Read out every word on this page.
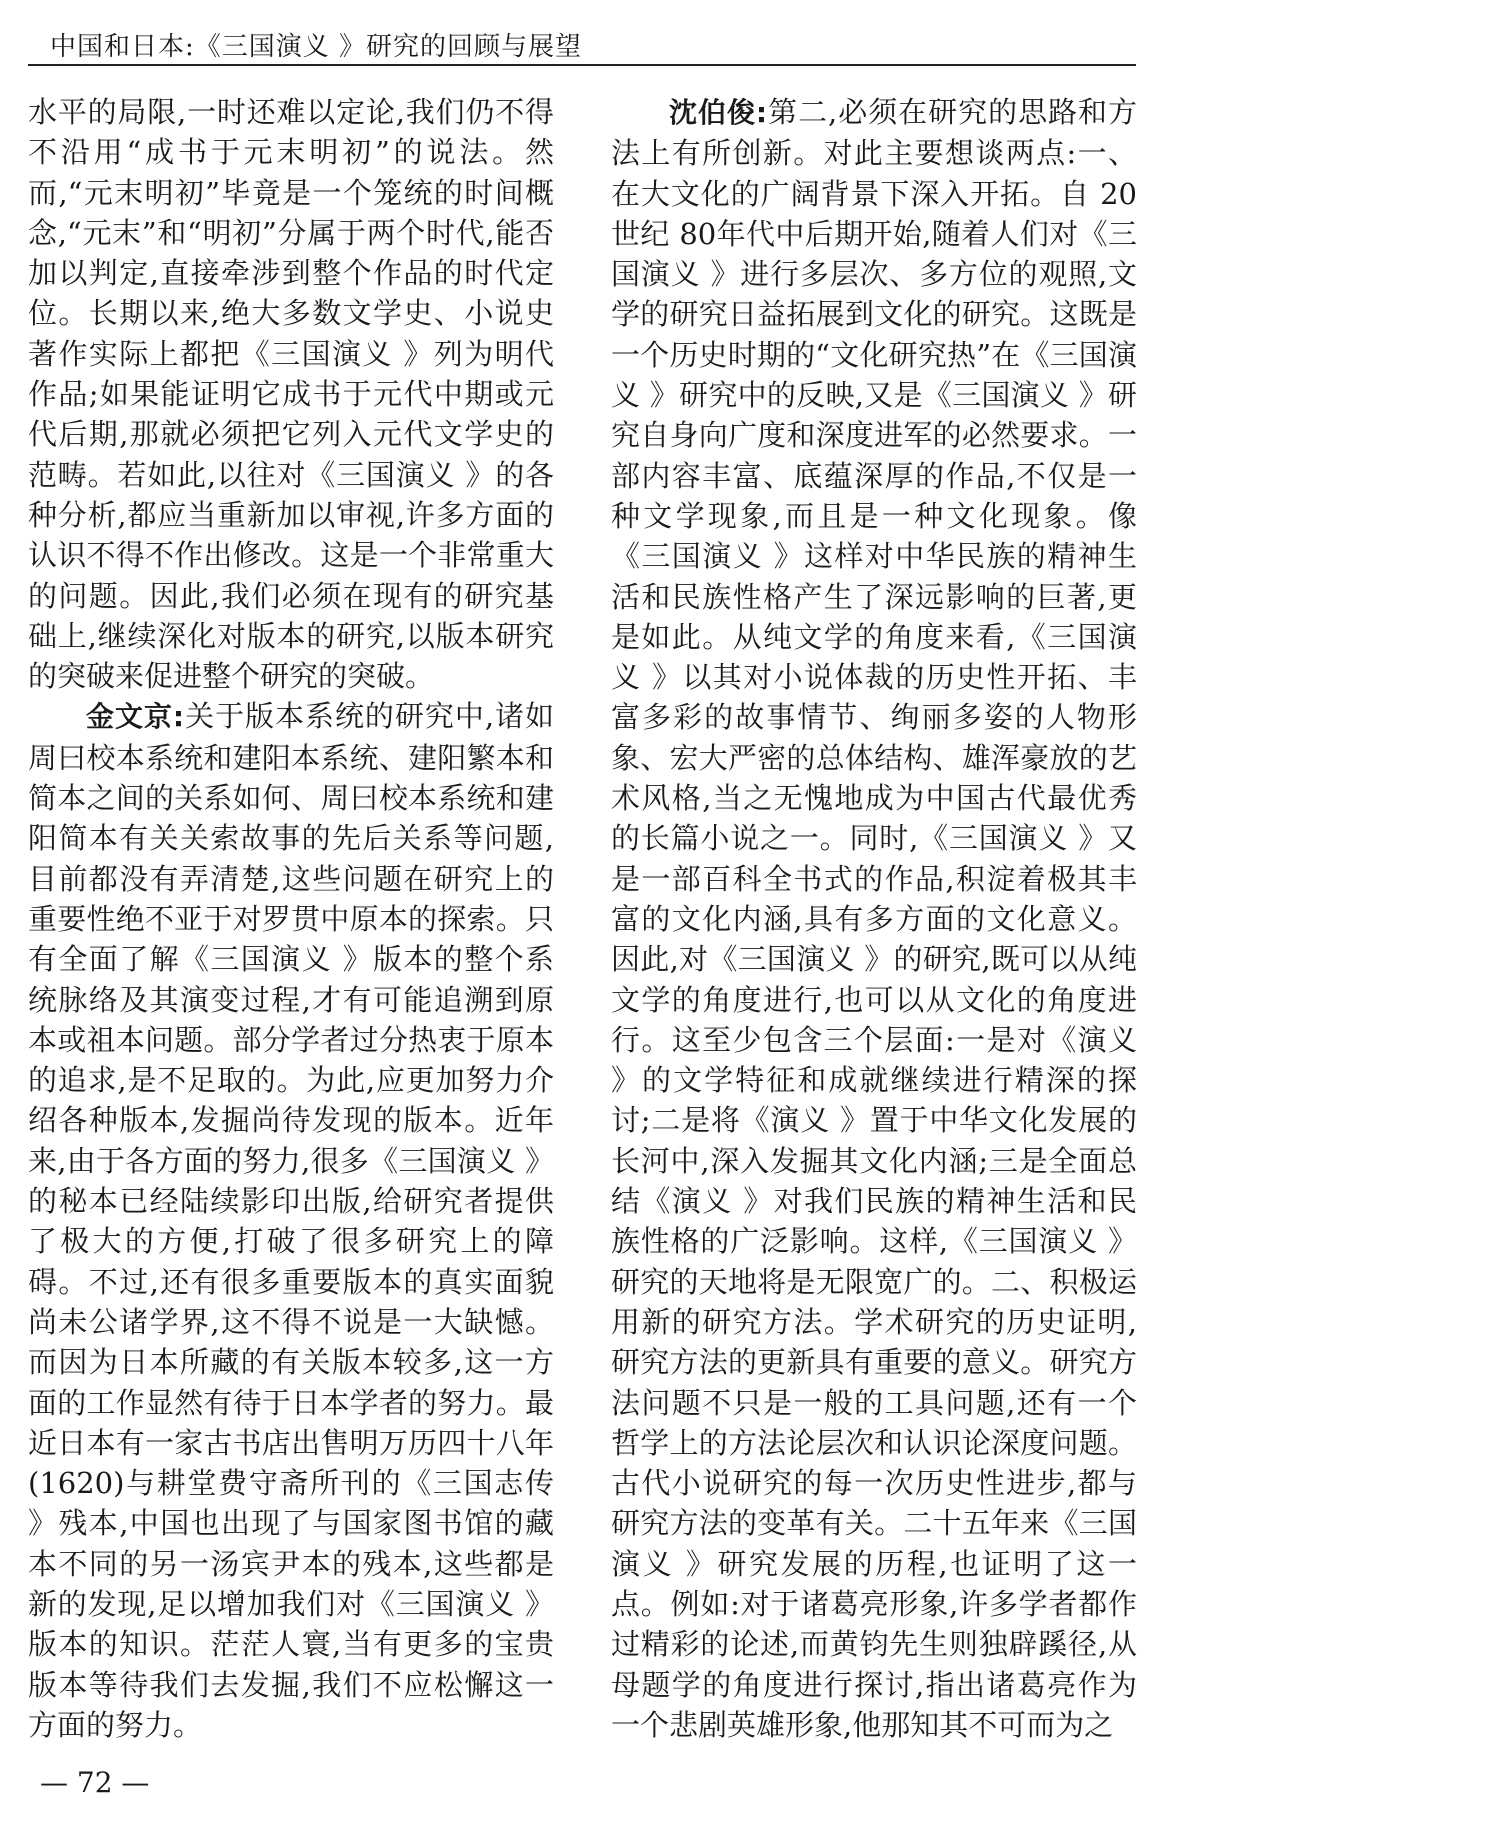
中国和日本:《三国演义 》研究的回顾与展望

水平的局限,一时还难以定论,我们仍不得不沿用“成书于元末明初”的说法。然而,“元末明初”毕竟是一个笼统的时间概念,“元末”和“明初”分属于两个时代,能否加以判定,直接牵涉到整个作品的时代定位。长期以来,绝大多数文学史、小说史著作实际上都把《三国演义 》列为明代作品;如果能证明它成书于元代中期或元代后期,那就必须把它列入元代文学史的范畴。若如此,以往对《三国演义 》的各种分析,都应当重新加以审视,许多方面的认识不得不作出修改。这是一个非常重大的问题。因此,我们必须在现有的研究基础上,继续深化对版本的研究,以版本研究的突破来促进整个研究的突破。

金文京:关于版本系统的研究中,诸如周曰校本系统和建阳本系统、建阳繁本和简本之间的关系如何、周曰校本系统和建阳简本有关关索故事的先后关系等问题,目前都没有弄清楚,这些问题在研究上的重要性绝不亚于对罗贯中原本的探索。只有全面了解《三国演义 》版本的整个系统脉络及其演变过程,才有可能追溯到原本或祖本问题。部分学者过分热衷于原本的追求,是不足取的。为此,应更加努力介绍各种版本,发掘尚待发现的版本。近年来,由于各方面的努力,很多《三国演义 》的秘本已经陆续影印出版,给研究者提供了极大的方便,打破了很多研究上的障碍。不过,还有很多重要版本的真实面貌尚未公诸学界,这不得不说是一大缺憾。而因为日本所藏的有关版本较多,这一方面的工作显然有待于日本学者的努力。最近日本有一家古书店出售明万历四十八年(1620)与耕堂费守斋所刊的《三国志传 》残本,中国也出现了与国家图书馆的藏本不同的另一汤宾尹本的残本,这些都是新的发现,足以增加我们对《三国演义 》版本的知识。茫茫人寰,当有更多的宝贵版本等待我们去发掘,我们不应松懈这一方面的努力。

沈伯俊:第二,必须在研究的思路和方法上有所创新。对此主要想谈两点:一、在大文化的广阔背景下深入开拓。自 20世纪 80年代中后期开始,随着人们对《三国演义 》进行多层次、多方位的观照,文学的研究日益拓展到文化的研究。这既是一个历史时期的“文化研究热”在《三国演义 》研究中的反映,又是《三国演义 》研究自身向广度和深度进军的必然要求。一部内容丰富、底蕴深厚的作品,不仅是一种文学现象,而且是一种文化现象。像《三国演义 》这样对中华民族的精神生活和民族性格产生了深远影响的巨著,更是如此。从纯文学的角度来看,《三国演义 》以其对小说体裁的历史性开拓、丰富多彩的故事情节、绚丽多姿的人物形象、宏大严密的总体结构、雄浑豪放的艺术风格,当之无愧地成为中国古代最优秀的长篇小说之一。同时,《三国演义 》又是一部百科全书式的作品,积淀着极其丰富的文化内涵,具有多方面的文化意义。因此,对《三国演义 》的研究,既可以从纯文学的角度进行,也可以从文化的角度进行。这至少包含三个层面:一是对《演义 》的文学特征和成就继续进行精深的探讨;二是将《演义 》置于中华文化发展的长河中,深入发掘其文化内涵;三是全面总结《演义 》对我们民族的精神生活和民族性格的广泛影响。这样,《三国演义 》研究的天地将是无限宽广的。二、积极运用新的研究方法。学术研究的历史证明,研究方法的更新具有重要的意义。研究方法问题不只是一般的工具问题,还有一个哲学上的方法论层次和认识论深度问题。古代小说研究的每一次历史性进步,都与研究方法的变革有关。二十五年来《三国演义 》研究发展的历程,也证明了这一点。例如:对于诸葛亮形象,许多学者都作过精彩的论述,而黄钧先生则独辟蹊径,从母题学的角度进行探讨,指出诸葛亮作为一个悲剧英雄形象,他那知其不可而为之

— 72 —
